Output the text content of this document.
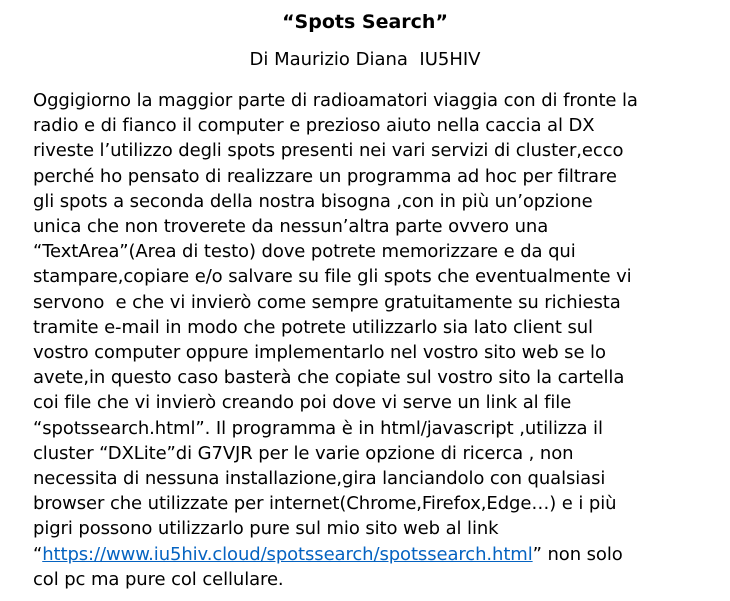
“Spots Search”
Di Maurizio Diana  IU5HIV
Oggigiorno la maggior parte di radioamatori viaggia con di fronte la
radio e di fianco il computer e prezioso aiuto nella caccia al DX
riveste l’utilizzo degli spots presenti nei vari servizi di cluster,ecco
perché ho pensato di realizzare un programma ad hoc per filtrare
gli spots a seconda della nostra bisogna ,con in più un’opzione
unica che non troverete da nessun’altra parte ovvero una
“TextArea”(Area di testo) dove potrete memorizzare e da qui
stampare,copiare e/o salvare su file gli spots che eventualmente vi
servono  e che vi invierò come sempre gratuitamente su richiesta
tramite e-mail in modo che potrete utilizzarlo sia lato client sul
vostro computer oppure implementarlo nel vostro sito web se lo
avete,in questo caso basterà che copiate sul vostro sito la cartella
coi file che vi invierò creando poi dove vi serve un link al file
“spotssearch.html”. Il programma è in html/javascript ,utilizza il
cluster “DXLite”di G7VJR per le varie opzione di ricerca , non
necessita di nessuna installazione,gira lanciandolo con qualsiasi
browser che utilizzate per internet(Chrome,Firefox,Edge…) e i più
pigri possono utilizzarlo pure sul mio sito web al link
“https://www.iu5hiv.cloud/spotssearch/spotssearch.html” non solo
col pc ma pure col cellulare.
